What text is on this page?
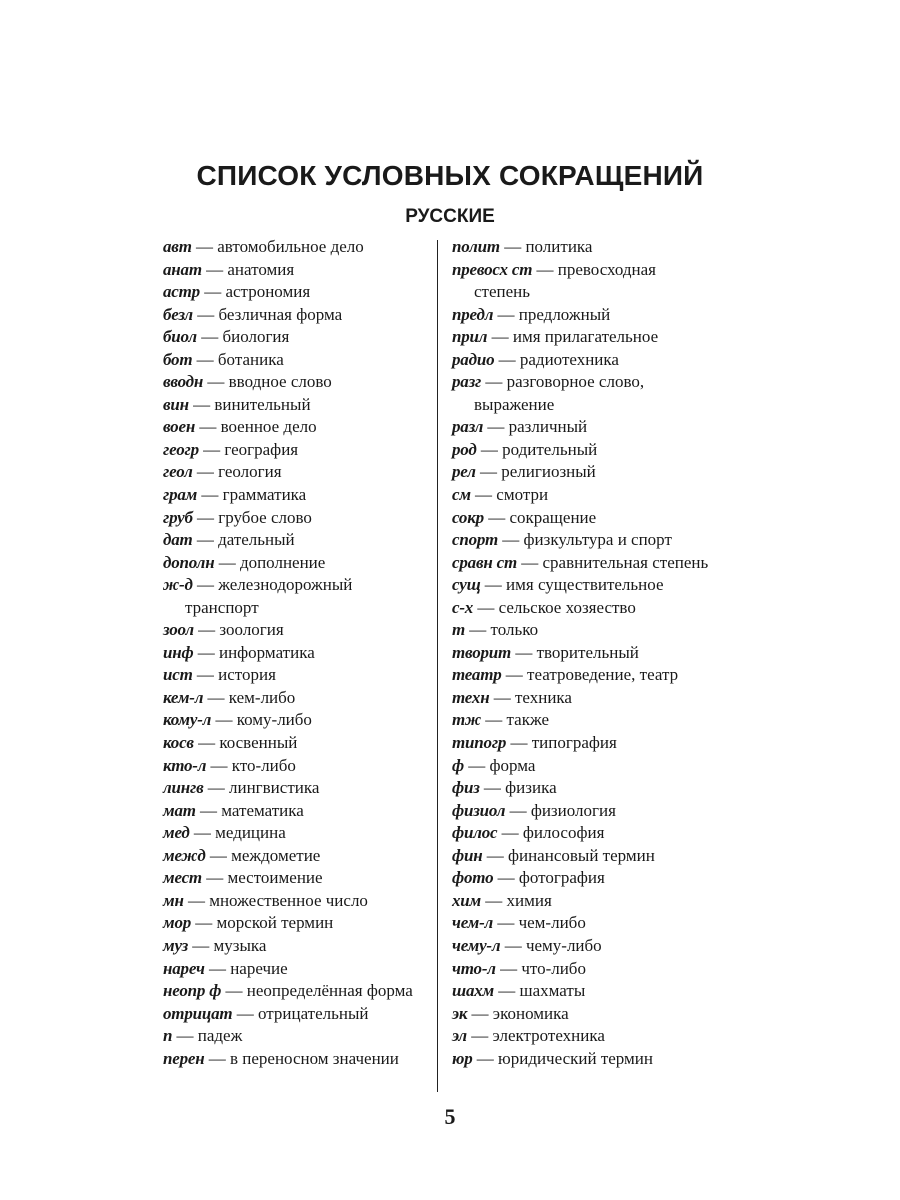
СПИСОК УСЛОВНЫХ СОКРАЩЕНИЙ
РУССКИЕ
авт — автомобильное дело
анат — анатомия
астр — астрономия
безл — безличная форма
биол — биология
бот — ботаника
вводн — вводное слово
вин — винительный
воен — военное дело
геогр — география
геол — геология
грам — грамматика
груб — грубое слово
дат — дательный
дополн — дополнение
ж-д — железнодорожный транспорт
зоол — зоология
инф — информатика
ист — история
кем-л — кем-либо
кому-л — кому-либо
косв — косвенный
кто-л — кто-либо
лингв — лингвистика
мат — математика
мед — медицина
межд — междометие
мест — местоимение
мн — множественное число
мор — морской термин
муз — музыка
нареч — наречие
неопр ф — неопределённая форма
отрицат — отрицательный
п — падеж
перен — в переносном значении
полит — политика
превосх ст — превосходная степень
предл — предложный
прил — имя прилагательное
радио — радиотехника
разг — разговорное слово, выражение
разл — различный
род — родительный
рел — религиозный
см — смотри
сокр — сокращение
спорт — физкультура и спорт
сравн ст — сравнительная степень
сущ — имя существительное
с-х — сельское хозяество
т — только
творит — творительный
театр — театроведение, театр
техн — техника
тж — также
типогр — типография
ф — форма
физ — физика
физиол — физиология
филос — философия
фин — финансовый термин
фото — фотография
хим — химия
чем-л — чем-либо
чему-л — чему-либо
что-л — что-либо
шахм — шахматы
эк — экономика
эл — электротехника
юр — юридический термин
5
